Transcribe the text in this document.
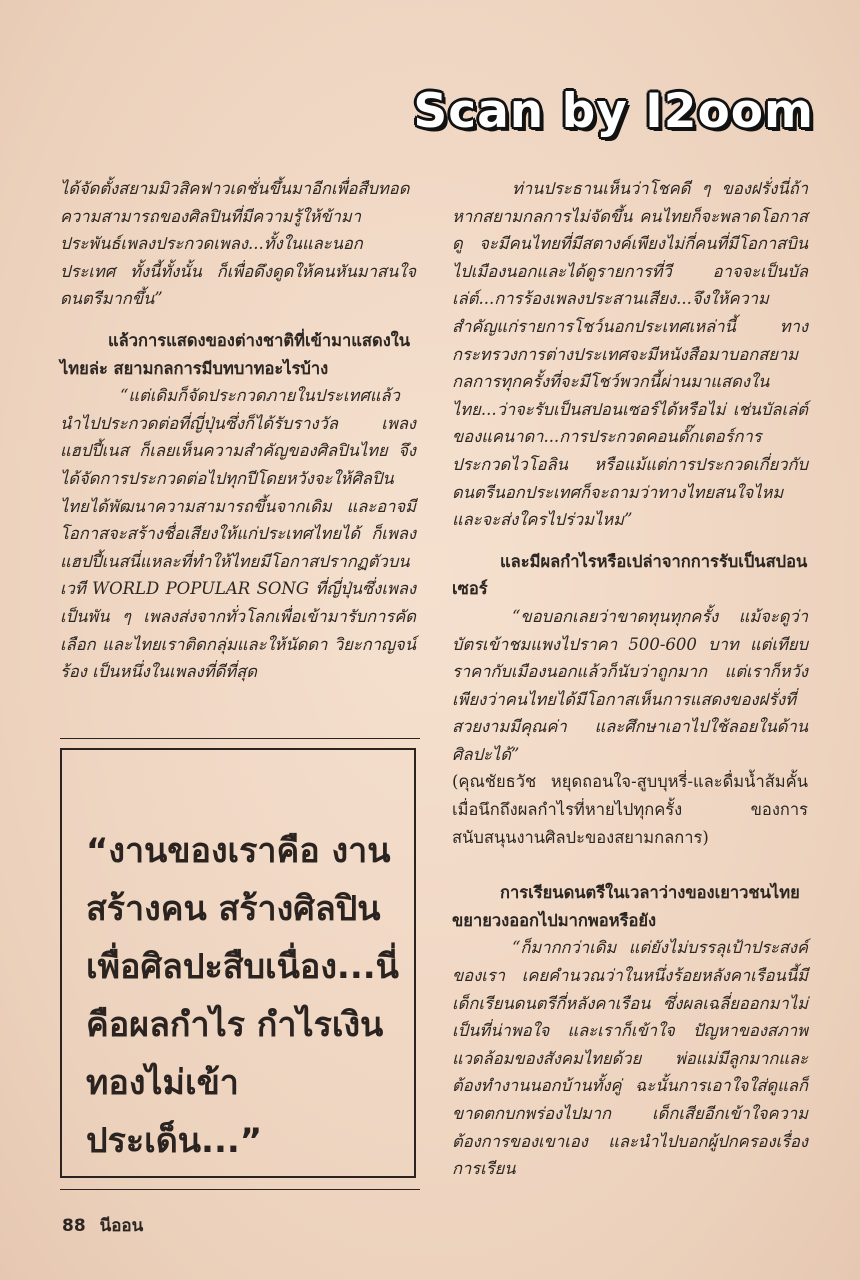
Scan by I2oom

ได้จัดตั้งสยามมิวสิคฟาวเดชั่นขึ้นมาอีกเพื่อสืบทอดความสามารถของศิลปินที่มีความรู้ให้ข้ามา ประพันธ์เพลงประกวดเพลง...ทั้งในและนอกประเทศ ทั้งนี้ทั้งนั้น ก็เพื่อดึงดูดให้คนหันมาสนใจดนตรีมากขึ้น”

แล้วการแสดงของต่างชาติที่เข้ามาแสดงในไทยล่ะ สยามกลการมีบทบาทอะไรบ้าง

“แต่เดิมก็จัดประกวดภายในประเทศแล้วนำไปประกวดต่อที่ญี่ปุ่นซึ่งก็ได้รับรางวัล เพลงแฮปปี้เนส ก็เลยเห็นความสำคัญของศิลปินไทย จึงได้จัดการประกวดต่อไปทุกปีโดยหวังจะให้ศิลปินไทยได้พัฒนาความสามารถขึ้นจากเดิม และอาจมีโอกาสจะสร้างชื่อเสียงให้แก่ประเทศไทยได้ ก็เพลงแฮปปี้เนสนี่แหละที่ทำให้ไทยมีโอกาสปรากฏตัวบนเวที WORLD POPULAR SONG ที่ญี่ปุ่นซึ่งเพลงเป็นพัน ๆ เพลงส่งจากทั่วโลกเพื่อเข้ามารับการคัดเลือก และไทยเราติดกลุ่มและให้นัดดา วิยะกาญจน์ร้อง เป็นหนึ่งในเพลงที่ดีที่สุด

“งานของเราคือ งานสร้างคน สร้างศิลปินเพื่อศิลปะสืบเนื่อง...นี่คือผลกำไร กำไรเงินทองไม่เข้าประเด็น...”

ท่านประธานเห็นว่าโชคดี ๆ ของฝรั่งนี่ถ้าหากสยามกลการไม่จัดขึ้น คนไทยก็จะพลาดโอกาสดู จะมีคนไทยที่มีสตางค์เพียงไม่กี่คนที่มีโอกาสบินไปเมืองนอกและได้ดูรายการที่วี อาจจะเป็นบัลเล่ต์...การร้องเพลงประสานเสียง...จึงให้ความสำคัญแก่รายการโชว์นอกประเทศเหล่านี้ ทางกระทรวงการต่างประเทศจะมีหนังสือมาบอกสยามกลการทุกครั้งที่จะมีโชว์พวกนี้ผ่านมาแสดงในไทย...ว่าจะรับเป็นสปอนเซอร์ได้หรือไม่ เช่นบัลเล่ต์ของแคนาดา...การประกวดคอนดั๊กเตอร์การประกวดไวโอลิน หรือแม้แต่การประกวดเกี่ยวกับดนตรีนอกประเทศก็จะถามว่าทางไทยสนใจไหมและจะส่งใครไปร่วมไหม”

และมีผลกำไรหรือเปล่าจากการรับเป็นสปอนเซอร์

“ขอบอกเลยว่าขาดทุนทุกครั้ง แม้จะดูว่าบัตรเข้าชมแพงไปราคา 500-600 บาท แต่เทียบราคากับเมืองนอกแล้วก็นับว่าถูกมาก แต่เราก็หวังเพียงว่าคนไทยได้มีโอกาสเห็นการแสดงของฝรั่งที่สวยงามมีคุณค่า และศึกษาเอาไปใช้ลอยในด้านศิลปะได้”

(คุณชัยธวัช หยุดถอนใจ-สูบบุหรี่-และดื่มน้ำส้มคั้นเมื่อนึกถึงผลกำไรที่หายไปทุกครั้ง ของการสนับสนุนงานศิลปะของสยามกลการ)

การเรียนดนตรีในเวลาว่างของเยาวชนไทยขยายวงออกไปมากพอหรือยัง

“ก็มากกว่าเดิม แต่ยังไม่บรรลุเป้าประสงค์ของเรา เคยคำนวณว่าในหนึ่งร้อยหลังคาเรือนนี้มีเด็กเรียนดนตรีกี่หลังคาเรือน ซึ่งผลเฉลี่ยออกมาไม่เป็นที่น่าพอใจ และเราก็เข้าใจ ปัญหาของสภาพแวดล้อมของสังคมไทยด้วย พ่อแม่มีลูกมากและต้องทำงานนอกบ้านทั้งคู่ ฉะนั้นการเอาใจใส่ดูแลก็ขาดตกบกพร่องไปมาก เด็กเสียอีกเข้าใจความต้องการของเขาเอง และนำไปบอกผู้ปกครองเรื่องการเรียน

88 นีออน
